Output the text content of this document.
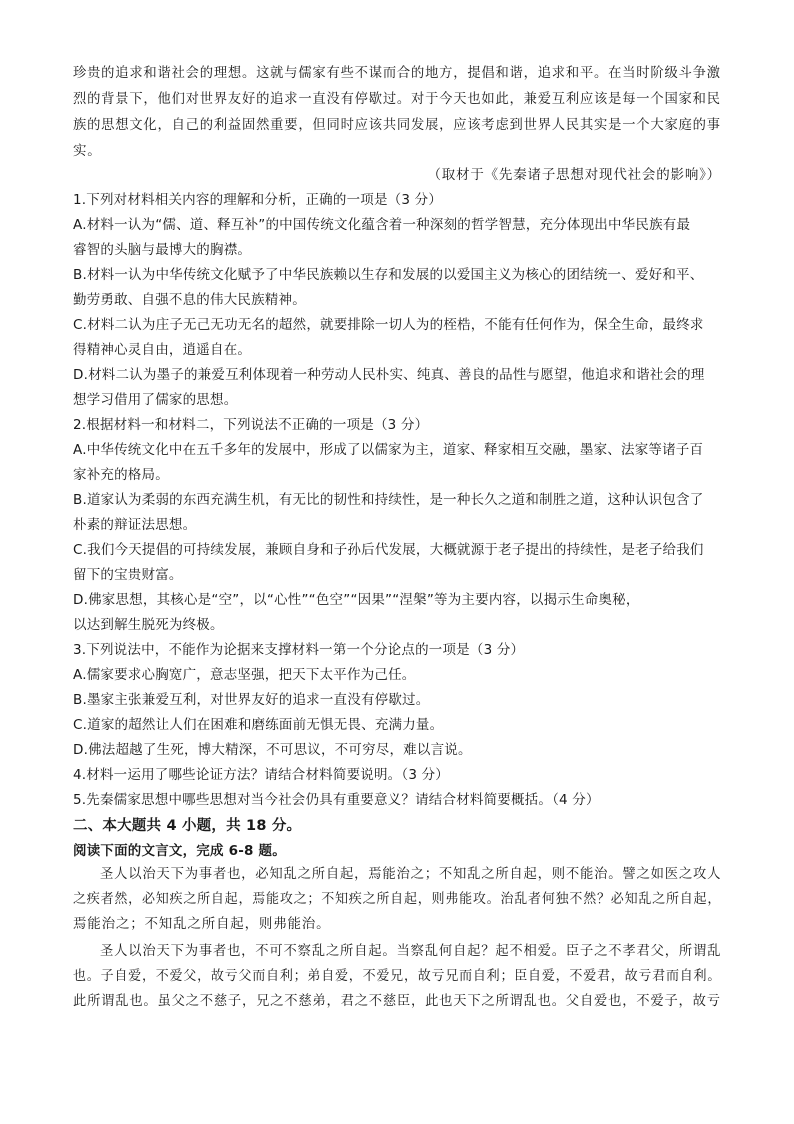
珍贵的追求和谐社会的理想。这就与儒家有些不谋而合的地方，提倡和谐，追求和平。在当时阶级斗争激
烈的背景下，他们对世界友好的追求一直没有停歇过。对于今天也如此，兼爱互利应该是每一个国家和民
族的思想文化，自己的利益固然重要，但同时应该共同发展，应该考虑到世界人民其实是一个大家庭的事
实。
（取材于《先秦诸子思想对现代社会的影响》）
1.下列对材料相关内容的理解和分析，正确的一项是（3 分）
A.材料一认为“儒、道、释互补”的中国传统文化蕴含着一种深刻的哲学智慧，充分体现出中华民族有最
睿智的头脑与最博大的胸襟。
B.材料一认为中华传统文化赋予了中华民族赖以生存和发展的以爱国主义为核心的团结统一、爱好和平、
勤劳勇敢、自强不息的伟大民族精神。
C.材料二认为庄子无己无功无名的超然，就要排除一切人为的桎梏，不能有任何作为，保全生命，最终求
得精神心灵自由，逍遥自在。
D.材料二认为墨子的兼爱互利体现着一种劳动人民朴实、纯真、善良的品性与愿望，他追求和谐社会的理
想学习借用了儒家的思想。
2.根据材料一和材料二，下列说法不正确的一项是（3 分）
A.中华传统文化中在五千多年的发展中，形成了以儒家为主，道家、释家相互交融，墨家、法家等诸子百
家补充的格局。
B.道家认为柔弱的东西充满生机，有无比的韧性和持续性，是一种长久之道和制胜之道，这种认识包含了
朴素的辩证法思想。
C.我们今天提倡的可持续发展，兼顾自身和子孙后代发展，大概就源于老子提出的持续性，是老子给我们
留下的宝贵财富。
D.佛家思想，其核心是“空”，以“心性”“色空”“因果”“涅槃”等为主要内容，以揭示生命奥秘，
以达到解生脱死为终极。
3.下列说法中，不能作为论据来支撑材料一第一个分论点的一项是（3 分）
A.儒家要求心胸宽广，意志坚强，把天下太平作为己任。
B.墨家主张兼爱互利，对世界友好的追求一直没有停歇过。
C.道家的超然让人们在困难和磨练面前无惧无畏、充满力量。
D.佛法超越了生死，博大精深，不可思议，不可穷尽，难以言说。
4.材料一运用了哪些论证方法？请结合材料简要说明。（3 分）
5.先秦儒家思想中哪些思想对当今社会仍具有重要意义？请结合材料简要概括。（4 分）
二、本大题共 4 小题，共 18 分。
阅读下面的文言文，完成 6-8 题。
圣人以治天下为事者也，必知乱之所自起，焉能治之；不知乱之所自起，则不能治。譬之如医之攻人
之疾者然，必知疾之所自起，焉能攻之；不知疾之所自起，则弗能攻。治乱者何独不然？必知乱之所自起，
焉能治之；不知乱之所自起，则弗能治。
圣人以治天下为事者也，不可不察乱之所自起。当察乱何自起？起不相爱。臣子之不孝君父，所谓乱
也。子自爱，不爱父，故亏父而自利；弟自爱，不爱兄，故亏兄而自利；臣自爱，不爱君，故亏君而自利。
此所谓乱也。虽父之不慈子，兄之不慈弟，君之不慈臣，此也天下之所谓乱也。父自爱也，不爱子，故亏
